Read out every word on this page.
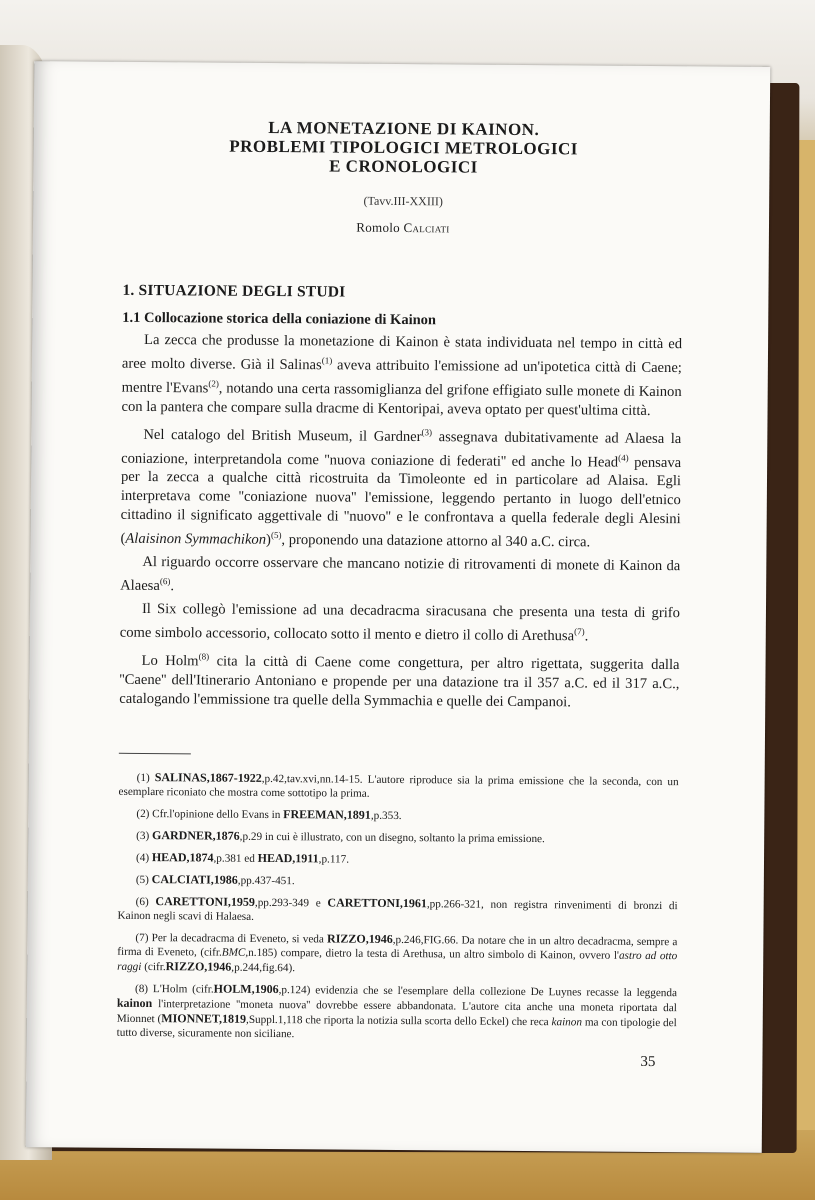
LA MONETAZIONE DI KAINON.

PROBLEMI TIPOLOGICI METROLOGICI

E CRONOLOGICI

(Tavv.III-XXIII)
Romolo Calciati
1. SITUAZIONE DEGLI STUDI
1.1 Collocazione storica della coniazione di Kainon

La zecca che produsse la monetazione di Kainon è stata individuata nel tempo in città ed aree molto diverse. Già il Salinas$^{(1)}$ aveva attribuito l'emissione ad un'ipotetica città di Caene; mentre l'Evans$^{(2)}$, notando una certa rassomiglianza del grifone effigiato sulle monete di Kainon con la pantera che compare sulla dracme di Kentoripai, aveva optato per quest'ultima città.

Nel catalogo del British Museum, il Gardner$^{(3)}$ assegnava dubitativamente ad Alaesa la coniazione, interpretandola come ''nuova coniazione di federati'' ed anche lo Head$^{(4)}$ pensava per la zecca a qualche città ricostruita da Timoleonte ed in particolare ad Alaisa. Egli interpretava come ''coniazione nuova'' l'emissione, leggendo pertanto in luogo dell'etnico cittadino il significato aggettivale di ''nuovo'' e le confrontava a quella federale degli Alesini (Alaisinon Symmachikon)$^{(5)}$, proponendo una datazione attorno al 340 a.C. circa.

Al riguardo occorre osservare che mancano notizie di ritrovamenti di monete di Kainon da Alaesa$^{(6)}$.

Il Six collegò l'emissione ad una decadracma siracusana che presenta una testa di grifo come simbolo accessorio, collocato sotto il mento e dietro il collo di Arethusa$^{(7)}$.

Lo Holm$^{(8)}$ cita la città di Caene come congettura, per altro rigettata, suggerita dalla ''Caene'' dell'Itinerario Antoniano e propende per una datazione tra il 357 a.C. ed il 317 a.C., catalogando l'emmissione tra quelle della Symmachia e quelle dei Campanoi.

(1) SALINAS,1867-1922,p.42,tav.xvi,nn.14-15. L'autore riproduce sia la prima emissione che la seconda, con un esemplare riconiato che mostra come sottotipo la prima.

(2) Cfr.l'opinione dello Evans in FREEMAN,1891,p.353.

(3) GARDNER,1876,p.29 in cui è illustrato, con un disegno, soltanto la prima emissione.

(4) HEAD,1874,p.381 ed HEAD,1911,p.117.

(5) CALCIATI,1986,pp.437-451.

(6) CARETTONI,1959,pp.293-349 e CARETTONI,1961,pp.266-321, non registra rinvenimenti di bronzi di Kainon negli scavi di Halaesa.

(7) Per la decadracma di Eveneto, si veda RIZZO,1946,p.246,FIG.66. Da notare che in un altro decadracma, sempre a firma di Eveneto, (cifr.BMC,n.185) compare, dietro la testa di Arethusa, un altro simbolo di Kainon, ovvero l'astro ad otto raggi (cifr.RIZZO,1946,p.244,fig.64).

(8) L'Holm (cifr.HOLM,1906,p.124) evidenzia che se l'esemplare della collezione De Luynes recasse la leggenda kainon l'interpretazione ''moneta nuova'' dovrebbe essere abbandonata. L'autore cita anche una moneta riportata dal Mionnet (MIONNET,1819,Suppl.1,118 che riporta la notizia sulla scorta dello Eckel) che reca kainon ma con tipologie del tutto diverse, sicuramente non siciliane.

35
